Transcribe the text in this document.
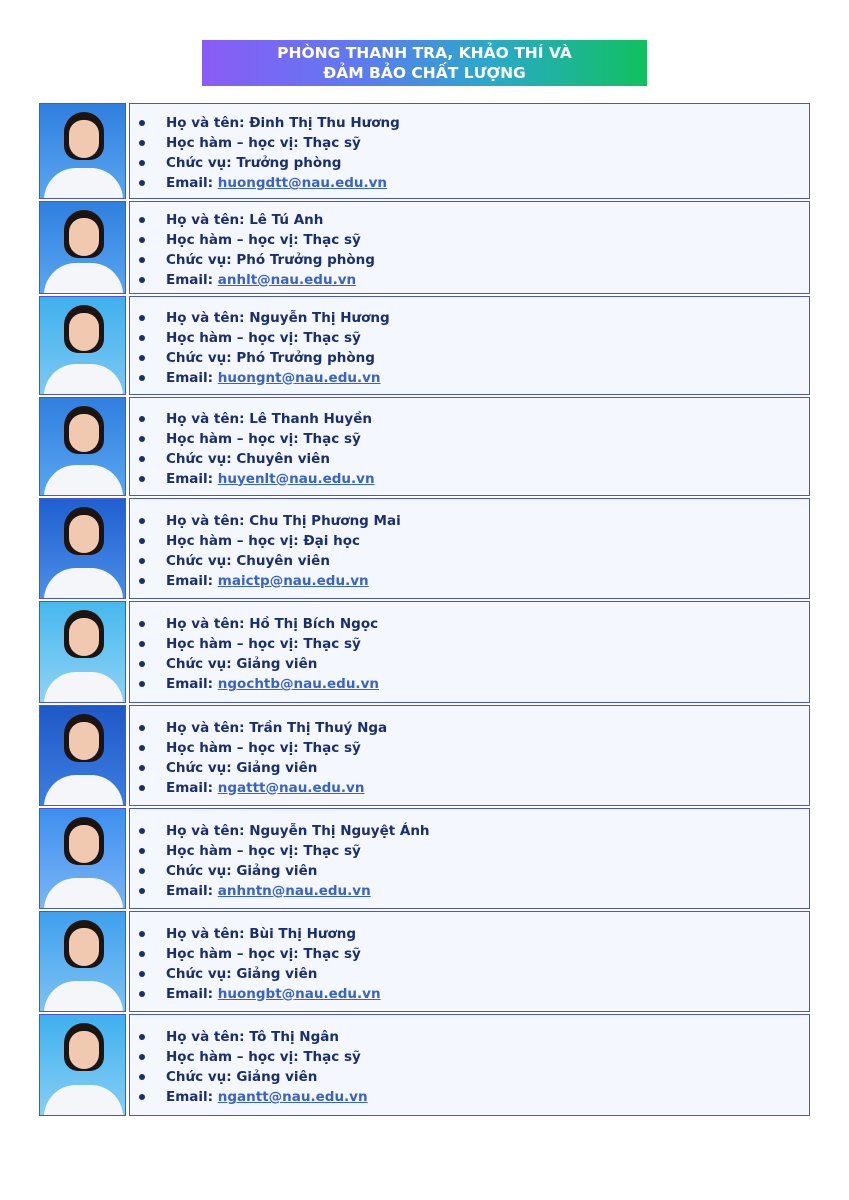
PHÒNG THANH TRA, KHẢO THÍ VÀ
ĐẢM BẢO CHẤT LƯỢNG
Họ và tên: Đinh Thị Thu Hương
Học hàm – học vị: Thạc sỹ
Chức vụ: Trưởng phòng
Email: huongdtt@nau.edu.vn
Họ và tên: Lê Tú Anh
Học hàm – học vị: Thạc sỹ
Chức vụ: Phó Trưởng phòng
Email: anhlt@nau.edu.vn
Họ và tên: Nguyễn Thị Hương
Học hàm – học vị: Thạc sỹ
Chức vụ: Phó Trưởng phòng
Email: huongnt@nau.edu.vn
Họ và tên: Lê Thanh Huyền
Học hàm – học vị: Thạc sỹ
Chức vụ: Chuyên viên
Email: huyenlt@nau.edu.vn
Họ và tên: Chu Thị Phương Mai
Học hàm – học vị: Đại học
Chức vụ: Chuyên viên
Email: maictp@nau.edu.vn
Họ và tên: Hồ Thị Bích Ngọc
Học hàm – học vị: Thạc sỹ
Chức vụ: Giảng viên
Email: ngochtb@nau.edu.vn
Họ và tên: Trần Thị Thuý Nga
Học hàm – học vị: Thạc sỹ
Chức vụ: Giảng viên
Email: ngattt@nau.edu.vn
Họ và tên: Nguyễn Thị Nguyệt Ánh
Học hàm – học vị: Thạc sỹ
Chức vụ: Giảng viên
Email: anhntn@nau.edu.vn
Họ và tên: Bùi Thị Hương
Học hàm – học vị: Thạc sỹ
Chức vụ: Giảng viên
Email: huongbt@nau.edu.vn
Họ và tên: Tô Thị Ngân
Học hàm – học vị: Thạc sỹ
Chức vụ: Giảng viên
Email: ngantt@nau.edu.vn
